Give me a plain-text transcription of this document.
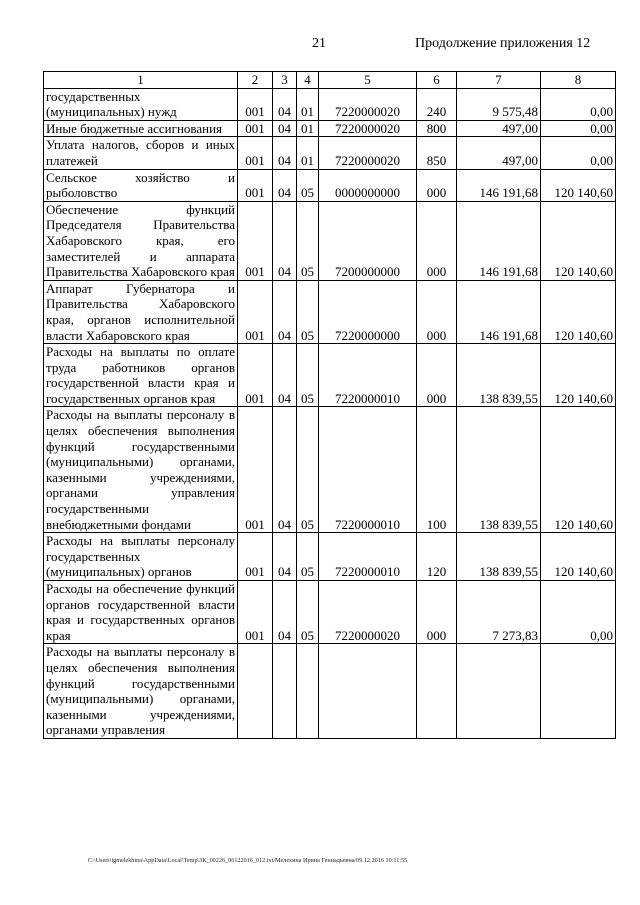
21	Продолжение приложения 12
1	2	3	4	5	6	7	8
государственных (муниципальных) нужд	001	04	01	7220000020	240	9 575,48	0,00
Иные бюджетные ассигнования	001	04	01	7220000020	800	497,00	0,00
Уплата налогов, сборов и иных платежей	001	04	01	7220000020	850	497,00	0,00
Сельское хозяйство и рыболовство	001	04	05	0000000000	000	146 191,68	120 140,60
Обеспечение функций Председателя Правительства Хабаровского края, его заместителей и аппарата Правительства Хабаровского края	001	04	05	7200000000	000	146 191,68	120 140,60
Аппарат Губернатора и Правительства Хабаровского края, органов исполнительной власти Хабаровского края	001	04	05	7220000000	000	146 191,68	120 140,60
Расходы на выплаты по оплате труда работников органов государственной власти края и государственных органов края	001	04	05	7220000010	000	138 839,55	120 140,60
Расходы на выплаты персоналу в целях обеспечения выполнения функций государственными (муниципальными) органами, казенными учреждениями, органами управления государственными внебюджетными фондами	001	04	05	7220000010	100	138 839,55	120 140,60
Расходы на выплаты персоналу государственных (муниципальных) органов	001	04	05	7220000010	120	138 839,55	120 140,60
Расходы на обеспечение функций органов государственной власти края и государственных органов края	001	04	05	7220000020	000	7 273,83	0,00
Расходы на выплаты персоналу в целях обеспечения выполнения функций государственными (муниципальными) органами, казенными учреждениями, органами управления							
C:\Users\igmelekhina\AppData\Local\Temp\ЗК_00226_06122016_012.txt/Мелехина Ирина Геннадьевна/09.12.2016 10:11:55
